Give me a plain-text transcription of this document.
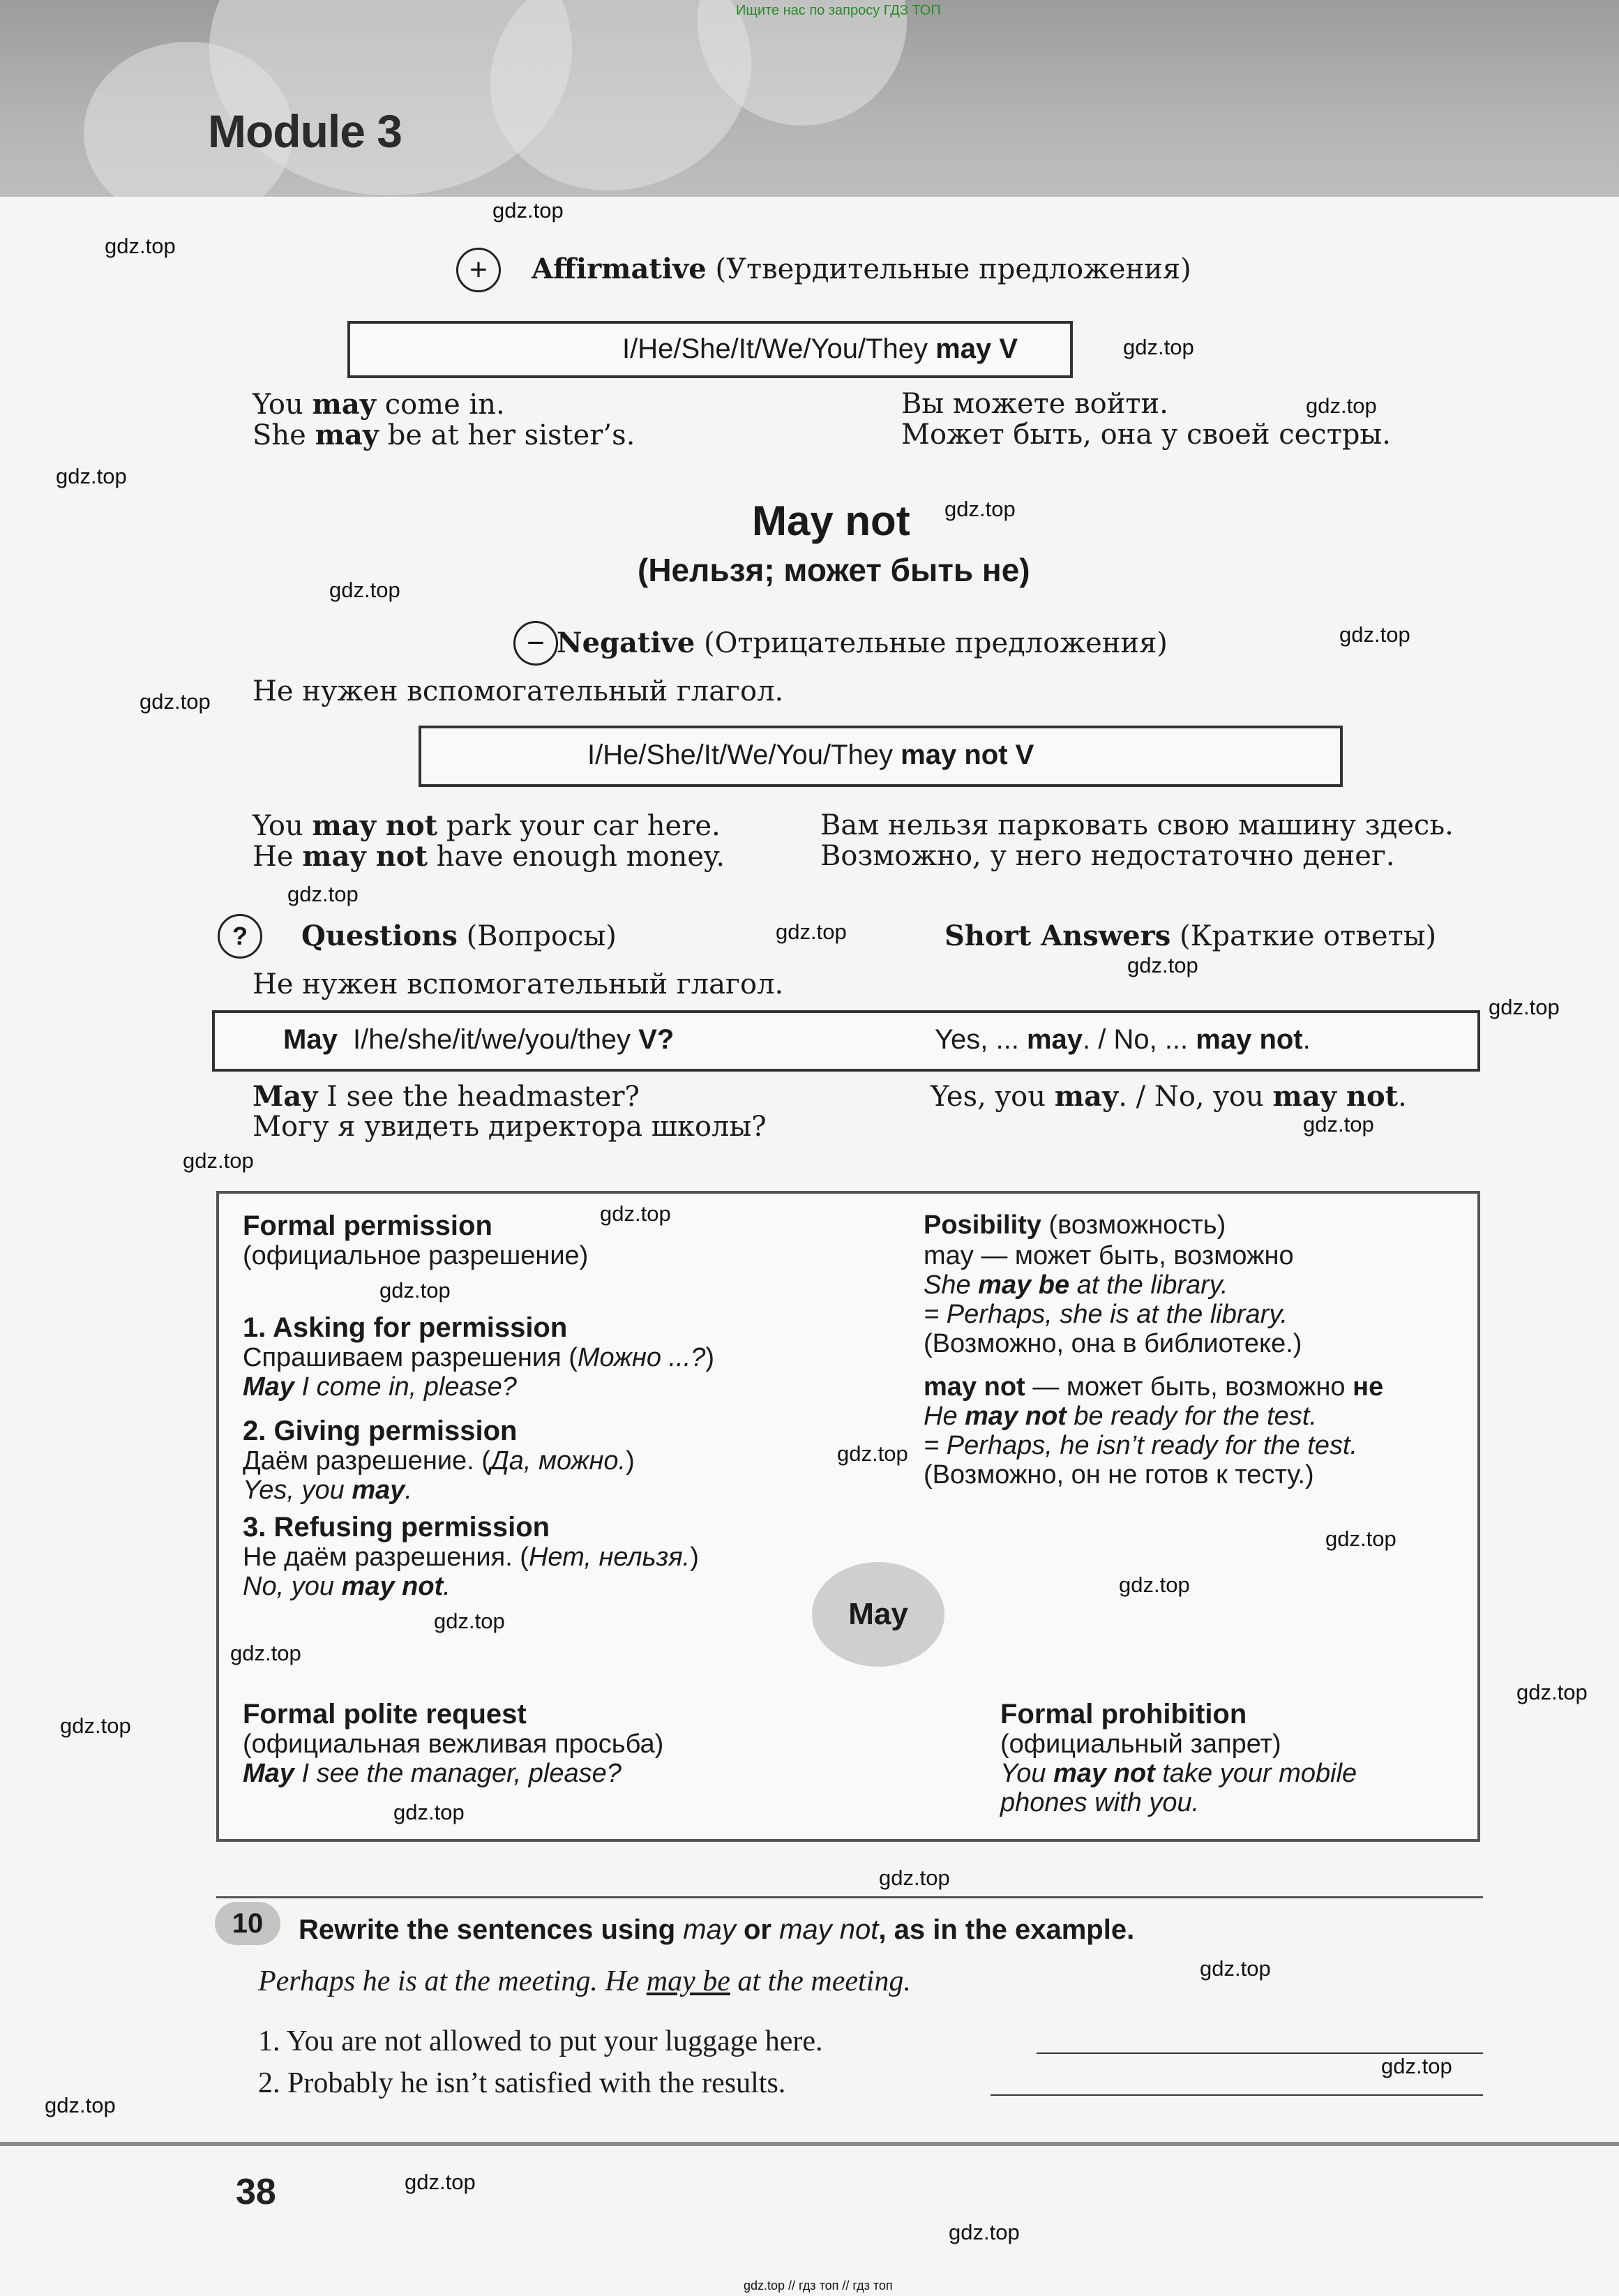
Ищите нас по запросу ГДЗ ТОП
Module 3
+	Affirmative (Утвердительные предложения)
I/He/She/It/We/You/They may V
You may come in.	Вы можете войти.
She may be at her sister’s.	Может быть, она у своей сестры.
May not
(Нельзя; может быть не)
− Negative (Отрицательные предложения)
Не нужен вспомогательный глагол.
I/He/She/It/We/You/They may not V
You may not park your car here.	Вам нельзя парковать свою машину здесь.
He may not have enough money.	Возможно, у него недостаточно денег.
?	Questions (Вопросы)	Short Answers (Краткие ответы)
Не нужен вспомогательный глагол.
May I/he/she/it/we/you/they V?	Yes, ... may. / No, ... may not.
May I see the headmaster?	Yes, you may. / No, you may not.
Могу я увидеть директора школы?
Formal permission
(официальное разрешение)
1. Asking for permission
Спрашиваем разрешения (Можно ...?)
May I come in, please?
2. Giving permission
Даём разрешение. (Да, можно.)
Yes, you may.
3. Refusing permission
Не даём разрешения. (Нет, нельзя.)
No, you may not.
Posibility (возможность)
may — может быть, возможно
She may be at the library.
= Perhaps, she is at the library.
(Возможно, она в библиотеке.)
may not — может быть, возможно не
He may not be ready for the test.
= Perhaps, he isn’t ready for the test.
(Возможно, он не готов к тесту.)
May
Formal polite request
(официальная вежливая просьба)
May I see the manager, please?
Formal prohibition
(официальный запрет)
You may not take your mobile
phones with you.
10	Rewrite the sentences using may or may not, as in the example.
Perhaps he is at the meeting. He may be at the meeting.
1. You are not allowed to put your luggage here.
2. Probably he isn’t satisfied with the results.
38
gdz.top // гдз топ // гдз топ
gdz.top
gdz.top
gdz.top
gdz.top
gdz.top
gdz.top
gdz.top
gdz.top
gdz.top
gdz.top
gdz.top
gdz.top
gdz.top
gdz.top
gdz.top
gdz.top
gdz.top
gdz.top
gdz.top
gdz.top
gdz.top
gdz.top
gdz.top
gdz.top
gdz.top
gdz.top
gdz.top
gdz.top
gdz.top
gdz.top
gdz.top
